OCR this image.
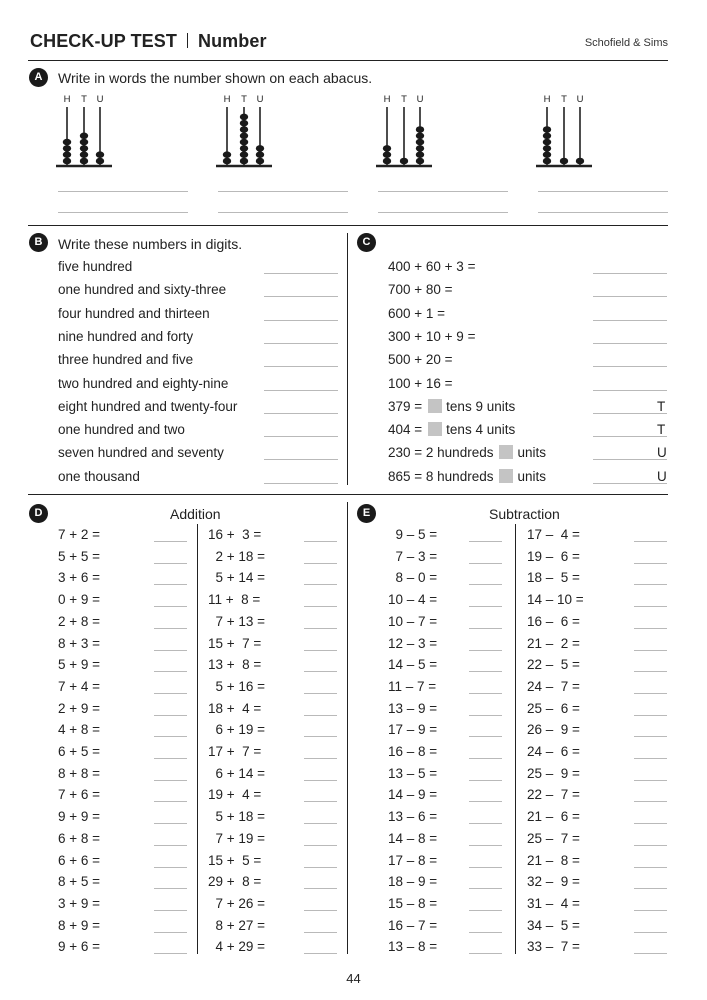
CHECK-UP TEST Number	Schofield & Sims
A	Write in words the number shown on each abacus.
H T U	H T U	H T U	H T U
B	Write these numbers in digits.
five hundred
one hundred and sixty-three
four hundred and thirteen
nine hundred and forty
three hundred and five
two hundred and eighty-nine
eight hundred and twenty-four
one hundred and two
seven hundred and seventy
one thousand
C
400 + 60 + 3 =
700 + 80 =
600 + 1 =
300 + 10 + 9 =
500 + 20 =
100 + 16 =
379 = tens 9 units	T
404 = tens 4 units	T
230 = 2 hundreds units	U
865 = 8 hundreds units	U
D	Addition
7 + 2 =
5 + 5 =
3 + 6 =
0 + 9 =
2 + 8 =
8 + 3 =
5 + 9 =
7 + 4 =
2 + 9 =
4 + 8 =
6 + 5 =
8 + 8 =
7 + 6 =
9 + 9 =
6 + 8 =
6 + 6 =
8 + 5 =
3 + 9 =
8 + 9 =
9 + 6 =
16 +  3 =
2 + 18 =
5 + 14 =
11 +  8 =
7 + 13 =
15 +  7 =
13 +  8 =
5 + 16 =
18 +  4 =
6 + 19 =
17 +  7 =
6 + 14 =
19 +  4 =
5 + 18 =
7 + 19 =
15 +  5 =
29 +  8 =
7 + 26 =
8 + 27 =
4 + 29 =
E	Subtraction
9 – 5 =
7 – 3 =
8 – 0 =
10 – 4 =
10 – 7 =
12 – 3 =
14 – 5 =
11 – 7 =
13 – 9 =
17 – 9 =
16 – 8 =
13 – 5 =
14 – 9 =
13 – 6 =
14 – 8 =
17 – 8 =
18 – 9 =
15 – 8 =
16 – 7 =
13 – 8 =
17 –  4 =
19 –  6 =
18 –  5 =
14 – 10 =
16 –  6 =
21 –  2 =
22 –  5 =
24 –  7 =
25 –  6 =
26 –  9 =
24 –  6 =
25 –  9 =
22 –  7 =
21 –  6 =
25 –  7 =
21 –  8 =
32 –  9 =
31 –  4 =
34 –  5 =
33 –  7 =
44
